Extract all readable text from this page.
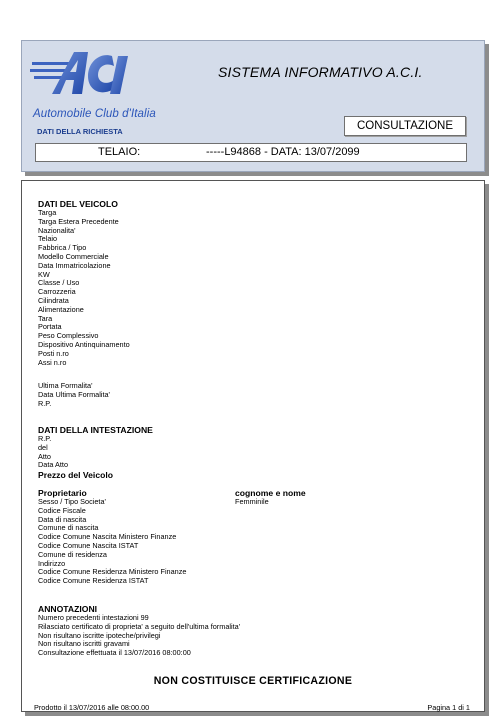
Automobile Club d'Italia
DATI DELLA RICHIESTA
SISTEMA INFORMATIVO A.C.I.
CONSULTAZIONE
TELAIO:	-----L94868 - DATA: 13/07/2099
DATI DEL VEICOLO
Targa
Targa Estera Precedente
Nazionalita'
Telaio
Fabbrica / Tipo
Modello Commerciale
Data Immatricolazione
KW
Classe / Uso
Carrozzeria
Cilindrata
Alimentazione
Tara
Portata
Peso Complessivo
Dispositivo Antinquinamento
Posti n.ro
Assi n.ro
Ultima Formalita'
Data Ultima Formalita'
R.P.
DATI DELLA INTESTAZIONE
R.P.
del
Atto
Data Atto
Prezzo del Veicolo
Proprietario
Sesso / Tipo Societa'
Codice Fiscale
Data di nascita
Comune di nascita
Codice Comune Nascita Ministero Finanze
Codice Comune Nascita ISTAT
Comune di residenza
Indirizzo
Codice Comune Residenza Ministero Finanze
Codice Comune Residenza ISTAT
cognome e nome
Femminile
ANNOTAZIONI
Numero precedenti intestazioni 99
Rilasciato certificato di proprieta' a seguito dell'ultima formalita'
Non risultano iscritte ipoteche/privilegi
Non risultano iscritti gravami
Consultazione effettuata il 13/07/2016 08:00:00
NON COSTITUISCE CERTIFICAZIONE
Prodotto il 13/07/2016 alle 08:00.00	Pagina 1 di 1
